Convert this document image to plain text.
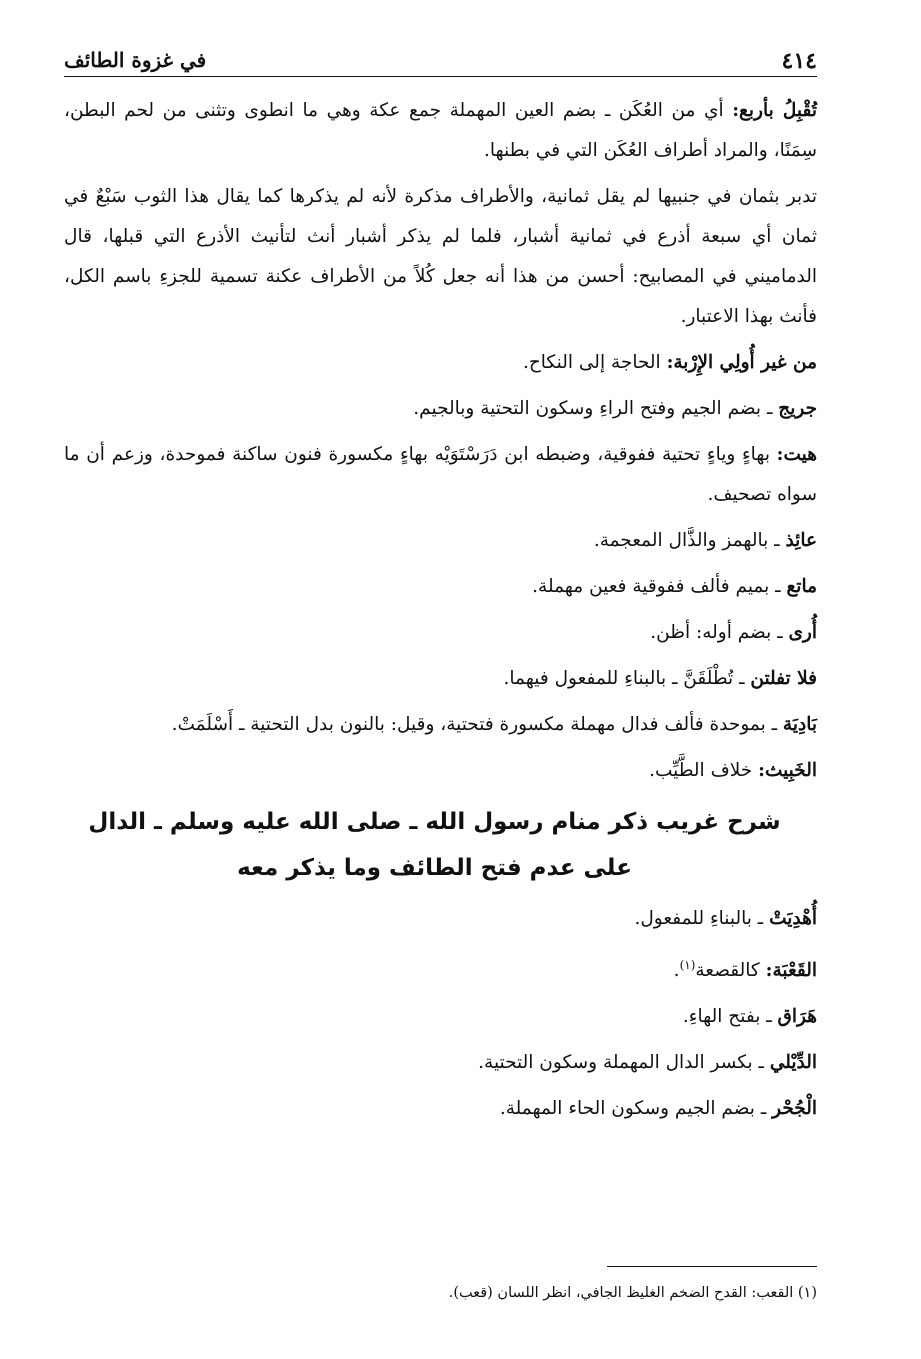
٤١٤
في غزوة الطائف

تُقْبِلُ بأربع: أي من العُكَن ـ بضم العين المهملة جمع عكة وهي ما انطوى وتثنى من لحم البطن، سِمَنًا، والمراد أطراف العُكَن التي في بطنها.

تدبر بثمان في جنبيها لم يقل ثمانية، والأطراف مذكرة لأنه لم يذكرها كما يقال هذا الثوب سَبْعٌ في ثمان أي سبعة أذرع في ثمانية أشبار، فلما لم يذكر أشبار أنث لتأنيث الأذرع التي قبلها، قال الدماميني في المصابيح: أحسن من هذا أنه جعل كُلاً من الأطراف عكنة تسمية للجزءِ باسم الكل، فأنث بهذا الاعتبار.

من غير أُولِي الإِرْبة: الحاجة إلى النكاح.

جريج ـ بضم الجيم وفتح الراءِ وسكون التحتية وبالجيم.

هيت: بهاءٍ وياءٍ تحتية ففوقية، وضبطه ابن دَرَسْتَوَيْه بهاءٍ مكسورة فنون ساكنة فموحدة، وزعم أن ما سواه تصحيف.

عائِذ ـ بالهمز والذَّال المعجمة.

ماتع ـ بميم فألف ففوقية فعين مهملة.

أُرى ـ بضم أوله: أظن.

فلا تفلتن ـ تُطْلَقَنَّ ـ بالبناءِ للمفعول فيهما.

بَادِيَة ـ بموحدة فألف فدال مهملة مكسورة فتحتية، وقيل: بالنون بدل التحتية ـ أَسْلَمَتْ.

الخَبِيث: خلاف الطَّيِّب.

شرح غريب ذكر منام رسول الله ـ صلى الله عليه وسلم ـ الدال على عدم فتح الطائف وما يذكر معه

أُهْدِيَتْ ـ بالبناءِ للمفعول.

القَعْبَة: كالقصعة$^{(١)}$.

هَرَاق ـ بفتح الهاءِ.

الدِّيْلي ـ بكسر الدال المهملة وسكون التحتية.

الْجُحْر ـ بضم الجيم وسكون الحاء المهملة.

(١) القعب: القدح الضخم الغليظ الجافي، انظر اللسان (قعب).
